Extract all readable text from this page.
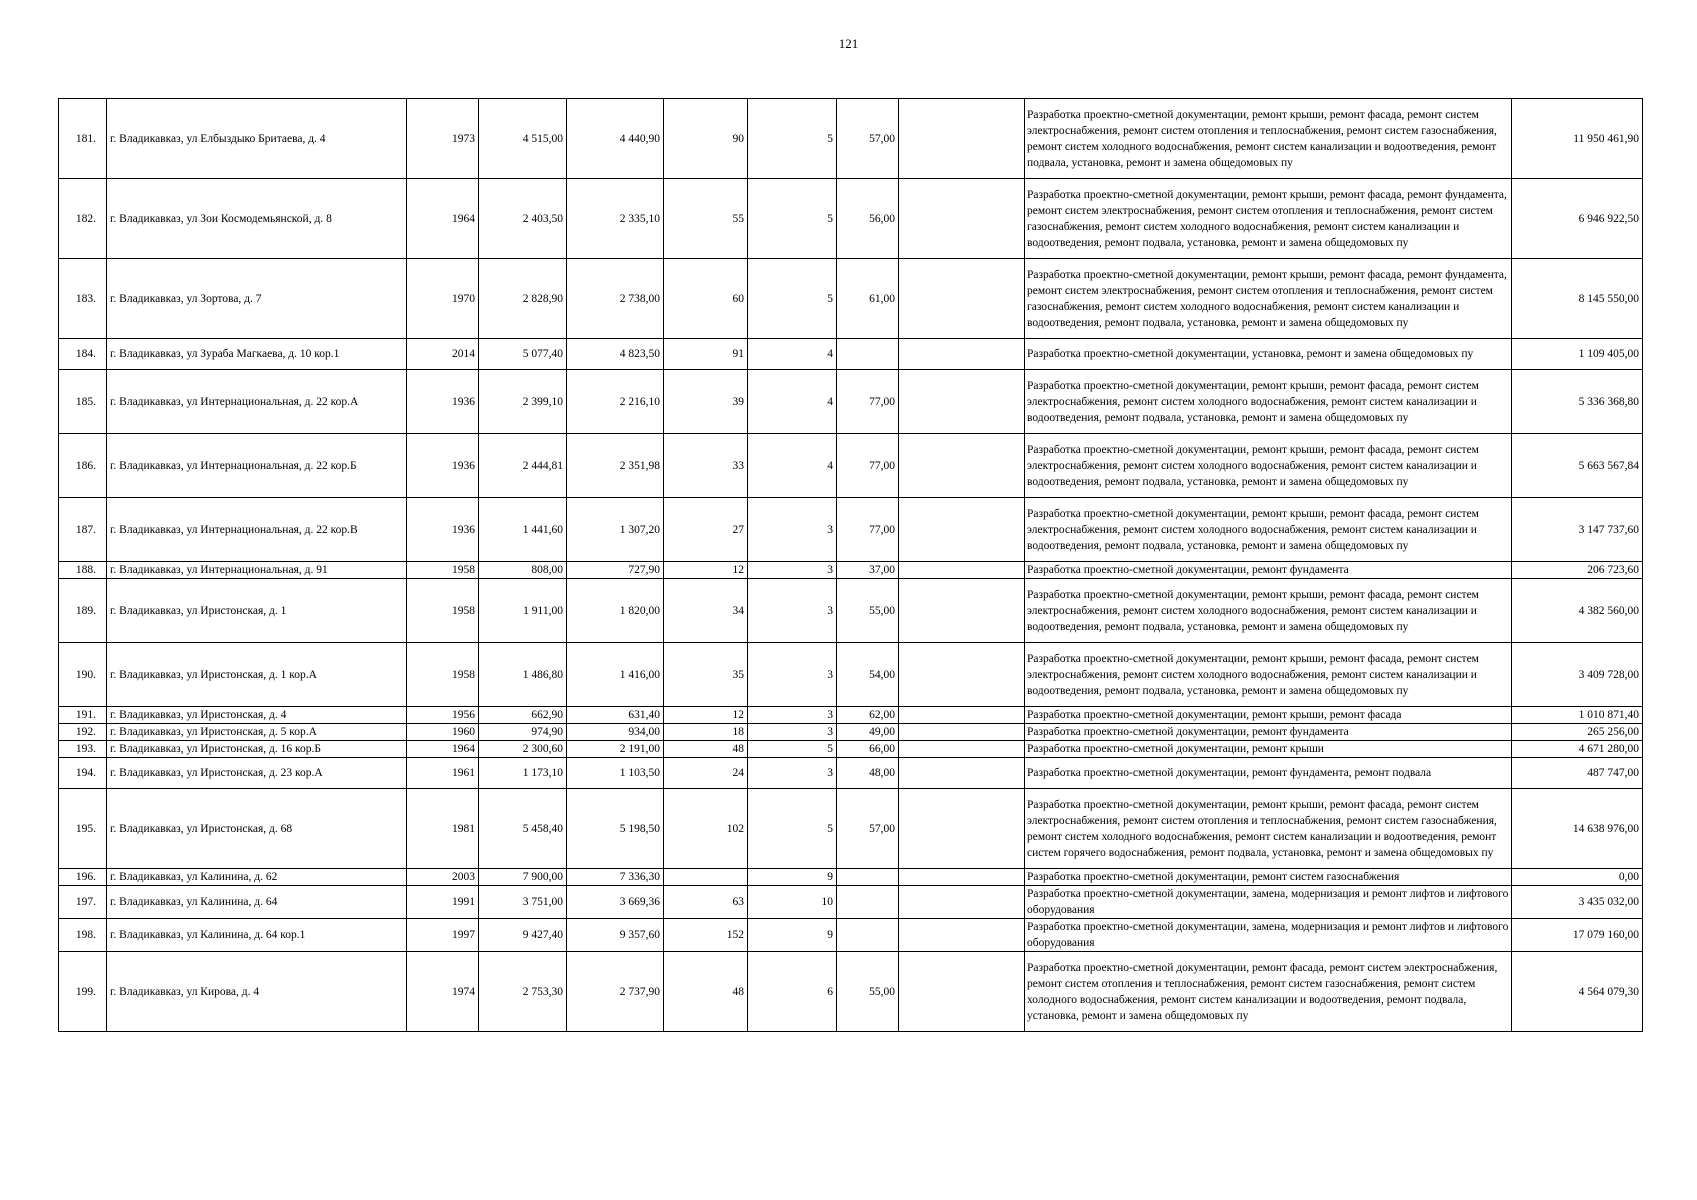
121
181.	г. Владикавказ, ул Елбыздыко Бритаева, д. 4	1973	4 515,00	4 440,90	90	5	57,00		Разработка проектно-сметной документации, ремонт крыши, ремонт фасада, ремонт систем электроснабжения, ремонт систем отопления и теплоснабжения, ремонт систем газоснабжения, ремонт систем холодного водоснабжения, ремонт систем канализации и водоотведения, ремонт подвала, установка, ремонт и замена общедомовых пу	11 950 461,90
182.	г. Владикавказ, ул Зои Космодемьянской, д. 8	1964	2 403,50	2 335,10	55	5	56,00		Разработка проектно-сметной документации, ремонт крыши, ремонт фасада, ремонт фундамента, ремонт систем электроснабжения, ремонт систем отопления и теплоснабжения, ремонт систем газоснабжения, ремонт систем холодного водоснабжения, ремонт систем канализации и водоотведения, ремонт подвала, установка, ремонт и замена общедомовых пу	6 946 922,50
183.	г. Владикавказ, ул Зортова, д. 7	1970	2 828,90	2 738,00	60	5	61,00		Разработка проектно-сметной документации, ремонт крыши, ремонт фасада, ремонт фундамента, ремонт систем электроснабжения, ремонт систем отопления и теплоснабжения, ремонт систем газоснабжения, ремонт систем холодного водоснабжения, ремонт систем канализации и водоотведения, ремонт подвала, установка, ремонт и замена общедомовых пу	8 145 550,00
184.	г. Владикавказ, ул Зураба Магкаева, д. 10 кор.1	2014	5 077,40	4 823,50	91	4			Разработка проектно-сметной документации, установка, ремонт и замена общедомовых пу	1 109 405,00
185.	г. Владикавказ, ул Интернациональная, д. 22 кор.А	1936	2 399,10	2 216,10	39	4	77,00		Разработка проектно-сметной документации, ремонт крыши, ремонт фасада, ремонт систем электроснабжения, ремонт систем холодного водоснабжения, ремонт систем канализации и водоотведения, ремонт подвала, установка, ремонт и замена общедомовых пу	5 336 368,80
186.	г. Владикавказ, ул Интернациональная, д. 22 кор.Б	1936	2 444,81	2 351,98	33	4	77,00		Разработка проектно-сметной документации, ремонт крыши, ремонт фасада, ремонт систем электроснабжения, ремонт систем холодного водоснабжения, ремонт систем канализации и водоотведения, ремонт подвала, установка, ремонт и замена общедомовых пу	5 663 567,84
187.	г. Владикавказ, ул Интернациональная, д. 22 кор.В	1936	1 441,60	1 307,20	27	3	77,00		Разработка проектно-сметной документации, ремонт крыши, ремонт фасада, ремонт систем электроснабжения, ремонт систем холодного водоснабжения, ремонт систем канализации и водоотведения, ремонт подвала, установка, ремонт и замена общедомовых пу	3 147 737,60
188.	г. Владикавказ, ул Интернациональная, д. 91	1958	808,00	727,90	12	3	37,00		Разработка проектно-сметной документации, ремонт фундамента	206 723,60
189.	г. Владикавказ, ул Иристонская, д. 1	1958	1 911,00	1 820,00	34	3	55,00		Разработка проектно-сметной документации, ремонт крыши, ремонт фасада, ремонт систем электроснабжения, ремонт систем холодного водоснабжения, ремонт систем канализации и водоотведения, ремонт подвала, установка, ремонт и замена общедомовых пу	4 382 560,00
190.	г. Владикавказ, ул Иристонская, д. 1 кор.А	1958	1 486,80	1 416,00	35	3	54,00		Разработка проектно-сметной документации, ремонт крыши, ремонт фасада, ремонт систем электроснабжения, ремонт систем холодного водоснабжения, ремонт систем канализации и водоотведения, ремонт подвала, установка, ремонт и замена общедомовых пу	3 409 728,00
191.	г. Владикавказ, ул Иристонская, д. 4	1956	662,90	631,40	12	3	62,00		Разработка проектно-сметной документации, ремонт крыши, ремонт фасада	1 010 871,40
192.	г. Владикавказ, ул Иристонская, д. 5 кор.А	1960	974,90	934,00	18	3	49,00		Разработка проектно-сметной документации, ремонт фундамента	265 256,00
193.	г. Владикавказ, ул Иристонская, д. 16 кор.Б	1964	2 300,60	2 191,00	48	5	66,00		Разработка проектно-сметной документации, ремонт крыши	4 671 280,00
194.	г. Владикавказ, ул Иристонская, д. 23 кор.А	1961	1 173,10	1 103,50	24	3	48,00		Разработка проектно-сметной документации, ремонт фундамента, ремонт подвала	487 747,00
195.	г. Владикавказ, ул Иристонская, д. 68	1981	5 458,40	5 198,50	102	5	57,00		Разработка проектно-сметной документации, ремонт крыши, ремонт фасада, ремонт систем электроснабжения, ремонт систем отопления и теплоснабжения, ремонт систем газоснабжения, ремонт систем холодного водоснабжения, ремонт систем канализации и водоотведения, ремонт систем горячего водоснабжения, ремонт подвала, установка, ремонт и замена общедомовых пу	14 638 976,00
196.	г. Владикавказ, ул Калинина, д. 62	2003	7 900,00	7 336,30		9			Разработка проектно-сметной документации, ремонт систем газоснабжения	0,00
197.	г. Владикавказ, ул Калинина, д. 64	1991	3 751,00	3 669,36	63	10			Разработка проектно-сметной документации, замена, модернизация и ремонт лифтов и лифтового оборудования	3 435 032,00
198.	г. Владикавказ, ул Калинина, д. 64 кор.1	1997	9 427,40	9 357,60	152	9			Разработка проектно-сметной документации, замена, модернизация и ремонт лифтов и лифтового оборудования	17 079 160,00
199.	г. Владикавказ, ул Кирова, д. 4	1974	2 753,30	2 737,90	48	6	55,00		Разработка проектно-сметной документации, ремонт фасада, ремонт систем электроснабжения, ремонт систем отопления и теплоснабжения, ремонт систем газоснабжения, ремонт систем холодного водоснабжения, ремонт систем канализации и водоотведения, ремонт подвала, установка, ремонт и замена общедомовых пу	4 564 079,30
